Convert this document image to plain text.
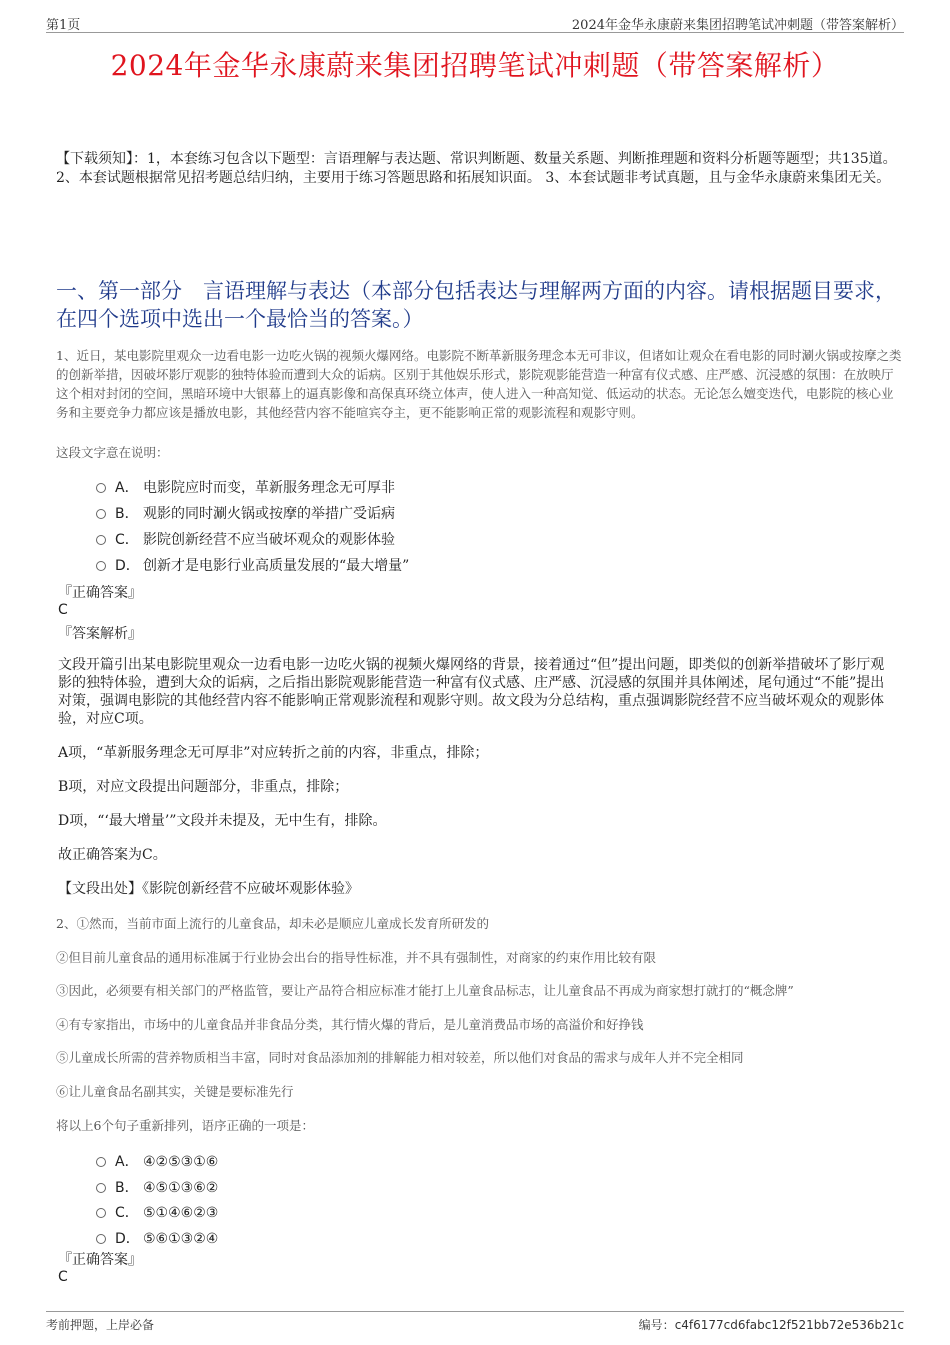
第1页	2024年金华永康蔚来集团招聘笔试冲刺题（带答案解析）
2024年金华永康蔚来集团招聘笔试冲刺题（带答案解析）
【下载须知】：1，本套练习包含以下题型：言语理解与表达题、常识判断题、数量关系题、判断推理题和资料分析题等题型；共135道。 2、本套试题根据常见招考题总结归纳，主要用于练习答题思路和拓展知识面。 3、本套试题非考试真题，且与金华永康蔚来集团无关。
一、第一部分　言语理解与表达（本部分包括表达与理解两方面的内容。请根据题目要求，在四个选项中选出一个最恰当的答案。）
1、近日，某电影院里观众一边看电影一边吃火锅的视频火爆网络。电影院不断革新服务理念本无可非议，但诸如让观众在看电影的同时涮火锅或按摩之类的创新举措，因破坏影厅观影的独特体验而遭到大众的诟病。区别于其他娱乐形式，影院观影能营造一种富有仪式感、庄严感、沉浸感的氛围：在放映厅这个相对封闭的空间，黑暗环境中大银幕上的逼真影像和高保真环绕立体声，使人进入一种高知觉、低运动的状态。无论怎么嬗变迭代，电影院的核心业务和主要竞争力都应该是播放电影，其他经营内容不能喧宾夺主，更不能影响正常的观影流程和观影守则。
这段文字意在说明：
A． 电影院应时而变，革新服务理念无可厚非
B． 观影的同时涮火锅或按摩的举措广受诟病
C． 影院创新经营不应当破坏观众的观影体验
D． 创新才是电影行业高质量发展的“最大增量”
『正确答案』
C
『答案解析』
文段开篇引出某电影院里观众一边看电影一边吃火锅的视频火爆网络的背景，接着通过“但”提出问题，即类似的创新举措破坏了影厅观影的独特体验，遭到大众的诟病，之后指出影院观影能营造一种富有仪式感、庄严感、沉浸感的氛围并具体阐述，尾句通过“不能”提出对策，强调电影院的其他经营内容不能影响正常观影流程和观影守则。故文段为分总结构，重点强调影院经营不应当破坏观众的观影体验，对应C项。
A项，“革新服务理念无可厚非”对应转折之前的内容，非重点，排除；
B项，对应文段提出问题部分，非重点，排除；
D项，“‘最大增量’”文段并未提及，无中生有，排除。
故正确答案为C。
【文段出处】《影院创新经营不应破坏观影体验》
2、①然而，当前市面上流行的儿童食品，却未必是顺应儿童成长发育所研发的
②但目前儿童食品的通用标准属于行业协会出台的指导性标准，并不具有强制性，对商家的约束作用比较有限
③因此，必须要有相关部门的严格监管，要让产品符合相应标准才能打上儿童食品标志，让儿童食品不再成为商家想打就打的“概念牌”
④有专家指出，市场中的儿童食品并非食品分类，其行情火爆的背后，是儿童消费品市场的高溢价和好挣钱
⑤儿童成长所需的营养物质相当丰富，同时对食品添加剂的排解能力相对较差，所以他们对食品的需求与成年人并不完全相同
⑥让儿童食品名副其实，关键是要标准先行
将以上6个句子重新排列，语序正确的一项是：
A． ④②⑤③①⑥
B． ④⑤①③⑥②
C． ⑤①④⑥②③
D． ⑤⑥①③②④
『正确答案』
C
考前押题，上岸必备	编号：c4f6177cd6fabc12f521bb72e536b21c
